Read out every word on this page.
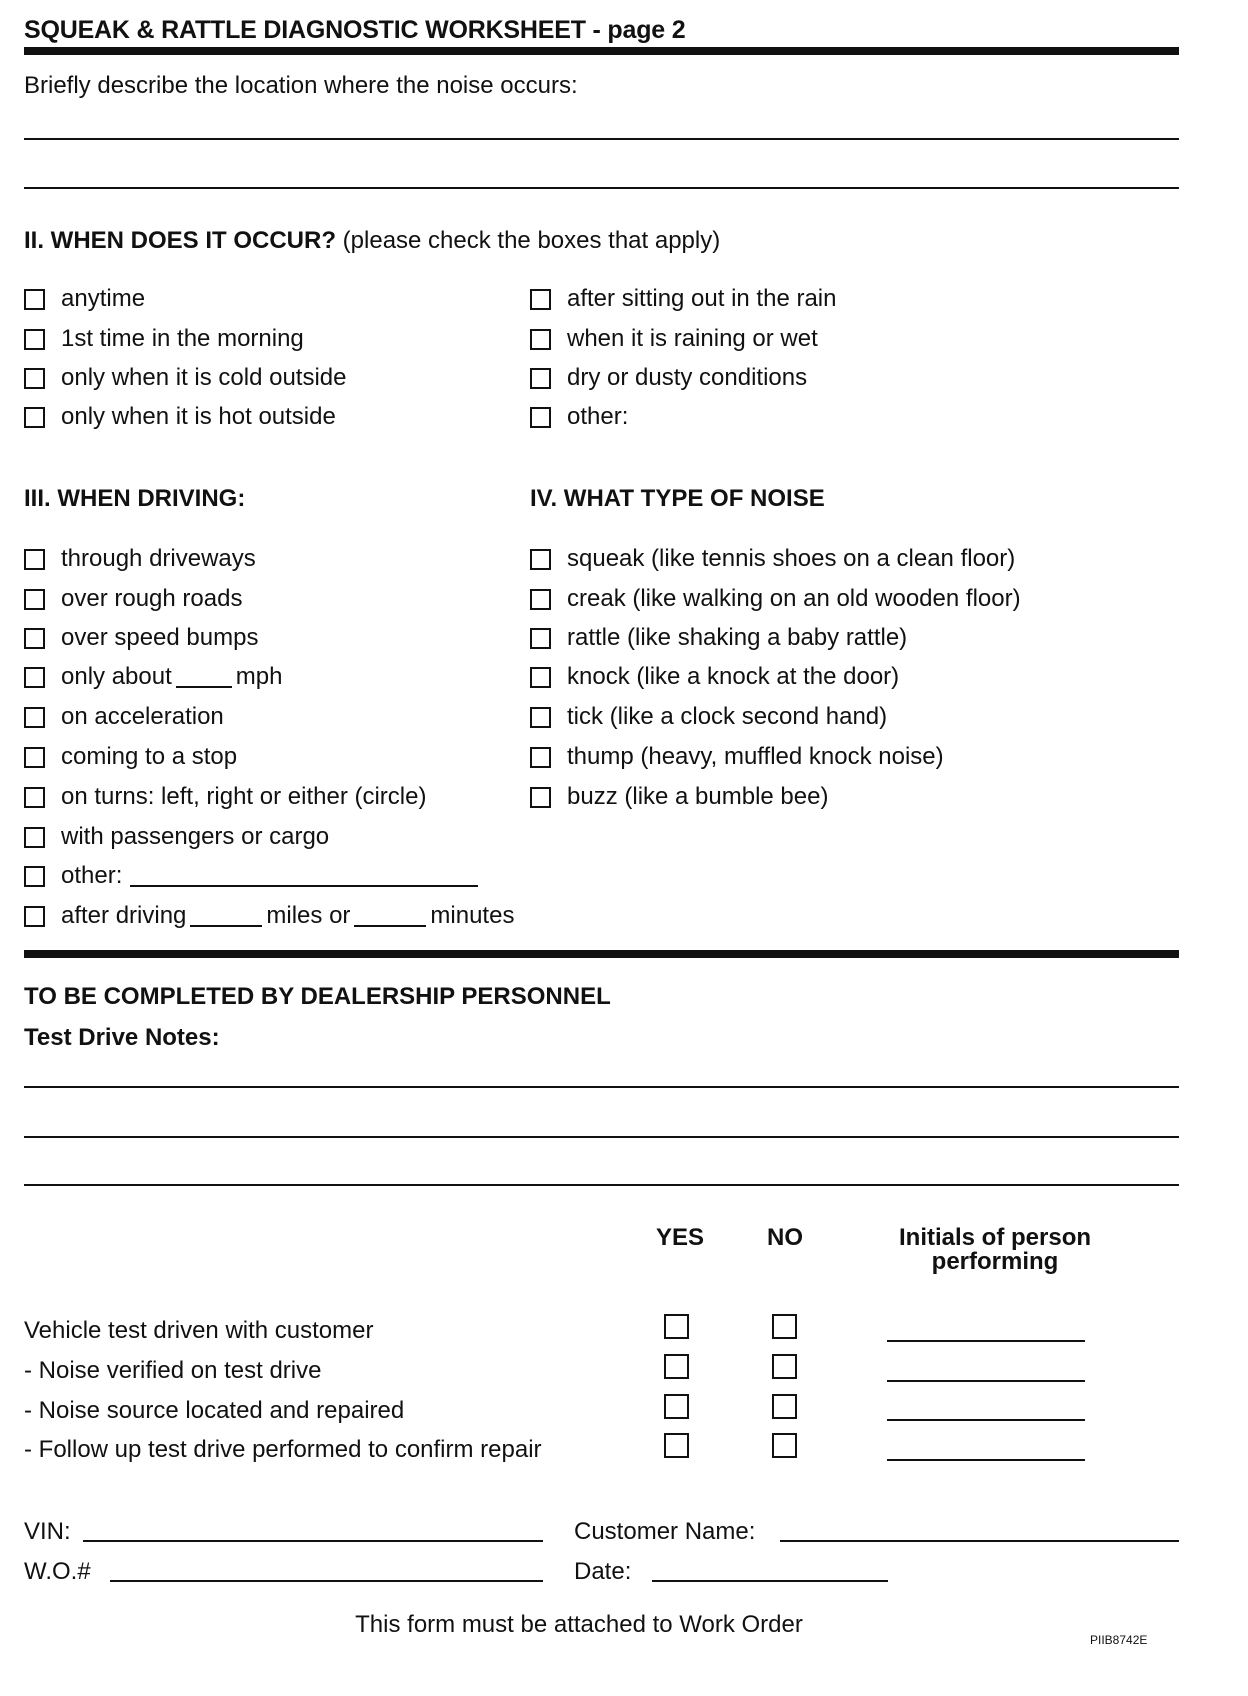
SQUEAK & RATTLE DIAGNOSTIC WORKSHEET - page 2
Briefly describe the location where the noise occurs:
II. WHEN DOES IT OCCUR? (please check the boxes that apply)
anytime
1st time in the morning
only when it is cold outside
only when it is hot outside
after sitting out in the rain
when it is raining or wet
dry or dusty conditions
other:
III. WHEN DRIVING:	IV. WHAT TYPE OF NOISE
through driveways
over rough roads
over speed bumps
only about	mph
on acceleration
coming to a stop
on turns: left, right or either (circle)
with passengers or cargo
other:
after driving	miles or	minutes
squeak (like tennis shoes on a clean floor)
creak (like walking on an old wooden floor)
rattle (like shaking a baby rattle)
knock (like a knock at the door)
tick (like a clock second hand)
thump (heavy, muffled knock noise)
buzz (like a bumble bee)
TO BE COMPLETED BY DEALERSHIP PERSONNEL
Test Drive Notes:
YES	NO	Initials of person
performing
Vehicle test driven with customer
- Noise verified on test drive
- Noise source located and repaired
- Follow up test drive performed to confirm repair
VIN:	Customer Name:
W.O.#	Date:
This form must be attached to Work Order
PIIB8742E
